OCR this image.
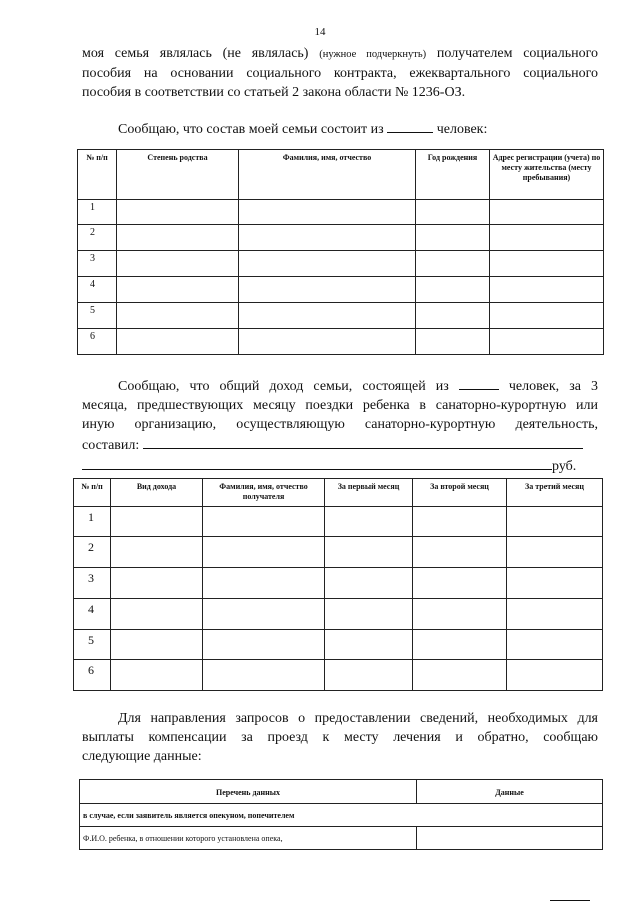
14
моя семья являлась (не являлась) (нужное подчеркнуть) получателем социального
пособия на основании социального контракта, ежеквартального социального
пособия в соответствии со статьей 2 закона области № 1236-ОЗ.
Сообщаю, что состав моей семьи состоит из	человек:
№ п/п	Степень родства	Фамилия, имя, отчество	Год рождения	Адрес регистрации (учета) по месту жительства (месту пребывания)
1				
2				
3				
4				
5				
6				
Сообщаю, что общий доход семьи, состоящей из	человек, за 3
месяца, предшествующих месяцу поездки ребенка в санаторно-курортную или
иную организацию, осуществляющую санаторно-курортную деятельность,
составил:
руб.
№ п/п	Вид дохода	Фамилия, имя, отчество получателя	За первый месяц	За второй месяц	За третий месяц
1					
2					
3					
4					
5					
6					
Для направления запросов о предоставлении сведений, необходимых для
выплаты компенсации за проезд к месту лечения и обратно, сообщаю
следующие данные:
Перечень данных	Данные
в случае, если заявитель является опекуном, попечителем	
Ф.И.О. ребенка, в отношении которого установлена опека,	
